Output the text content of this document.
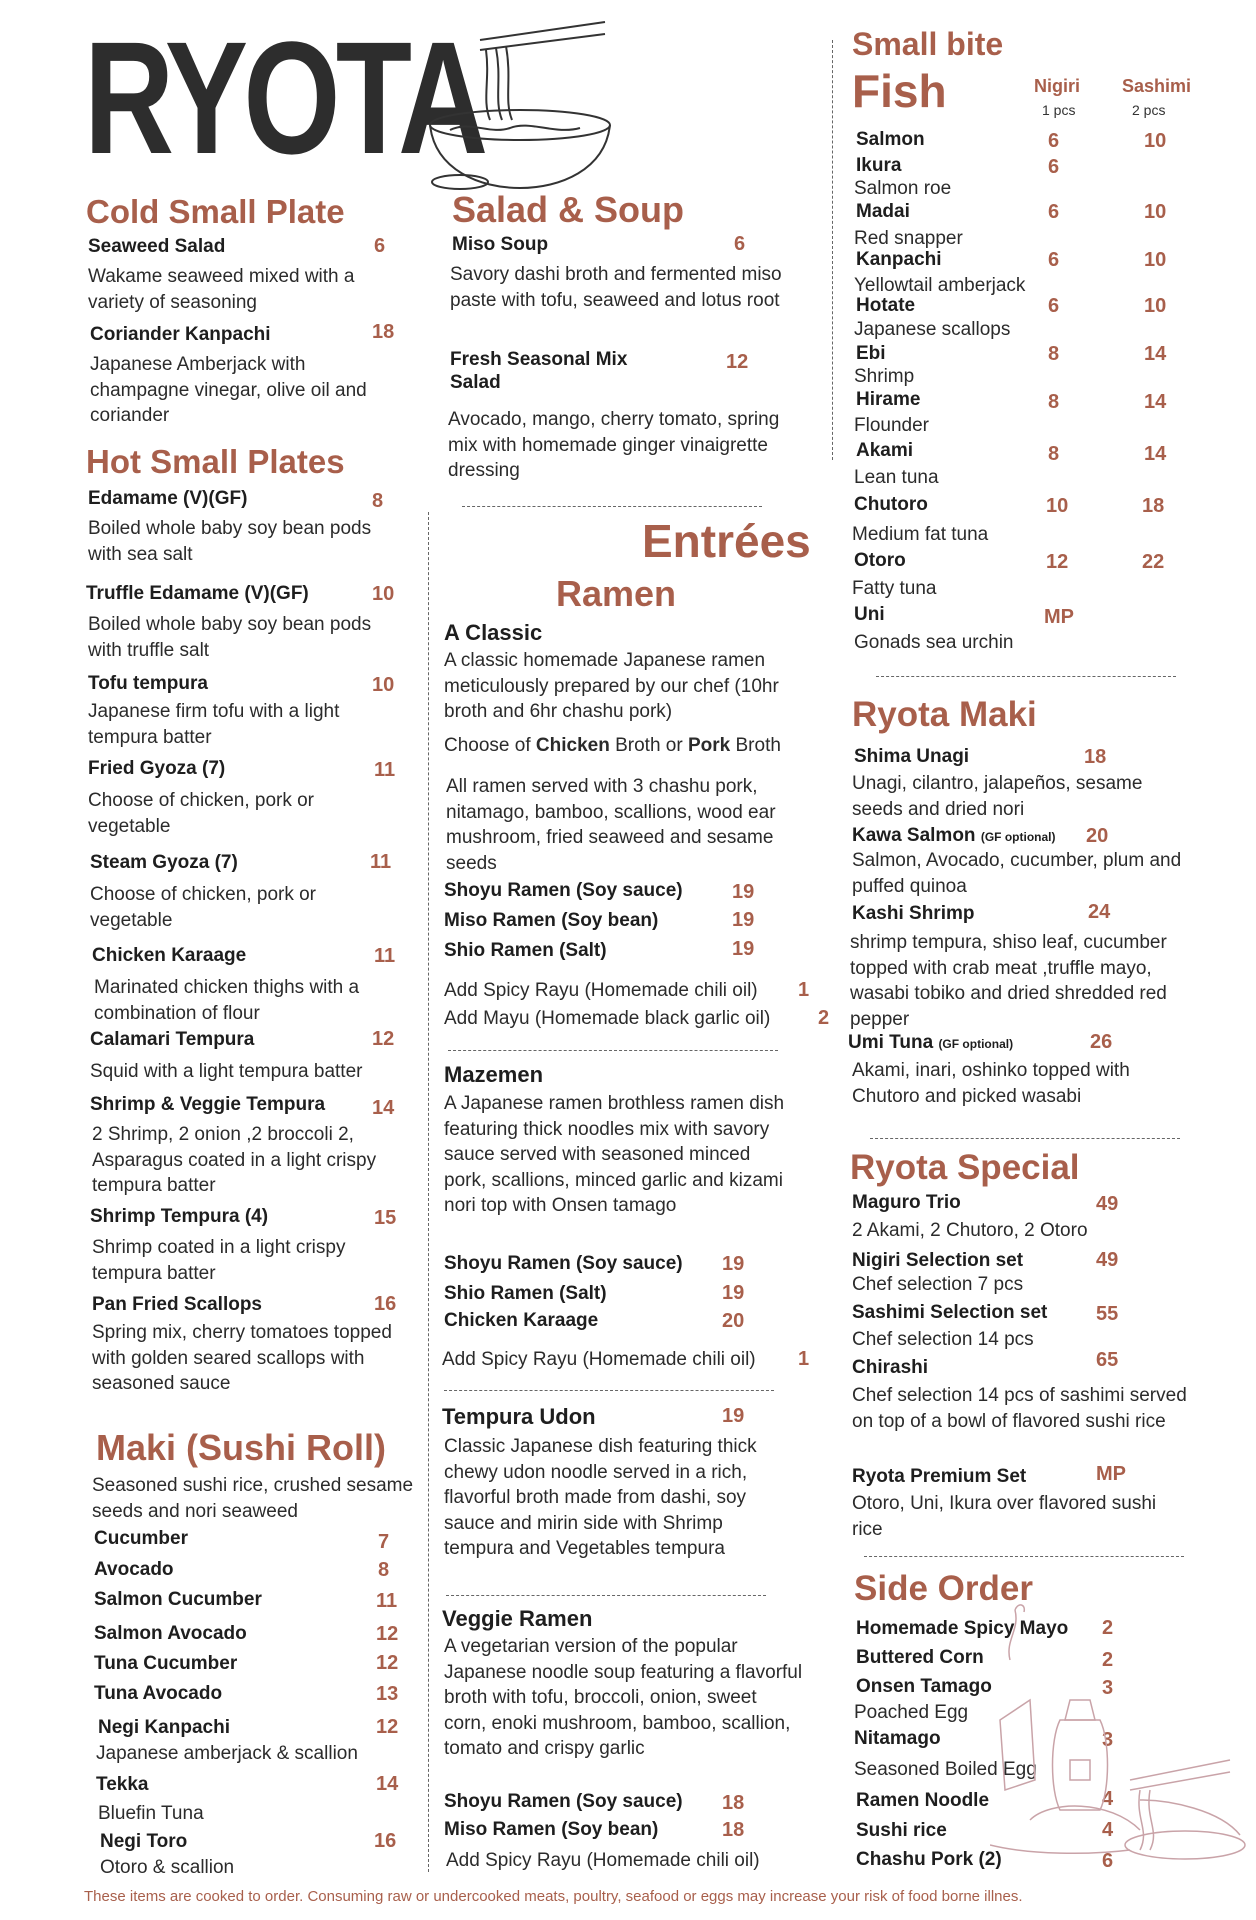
RYOTA
Cold Small Plate
Seaweed Salad	6
Wakame seaweed mixed with a variety of seasoning
Coriander Kanpachi	18
Japanese Amberjack with champagne vinegar, olive oil and coriander
Hot Small Plates
Edamame (V)(GF)	8
Boiled whole baby soy bean pods with sea salt
Truffle Edamame (V)(GF)	10
Boiled whole baby soy bean pods with truffle salt
Tofu tempura	10
Japanese firm tofu with a light tempura batter
Fried Gyoza (7)	11
Choose of chicken, pork or vegetable
Steam Gyoza (7)	11
Choose of chicken, pork or vegetable
Chicken Karaage	11
Marinated chicken thighs with a combination of flour
Calamari Tempura	12
Squid with a light tempura batter
Shrimp & Veggie Tempura 14
2 Shrimp, 2 onion ,2 broccoli 2, Asparagus coated in a light crispy tempura batter
Shrimp Tempura (4)	15
Shrimp coated in a light crispy tempura batter
Pan Fried Scallops	16
Spring mix, cherry tomatoes topped with golden seared scallops with seasoned sauce
Maki (Sushi Roll)
Seasoned sushi rice, crushed sesame seeds and nori seaweed
Cucumber	7
Avocado	8
Salmon Cucumber	11
Salmon Avocado	12
Tuna Cucumber	12
Tuna Avocado	13
Negi Kanpachi	12
Japanese amberjack & scallion
Tekka	14
Bluefin Tuna
Negi Toro	16
Otoro & scallion
Salad & Soup
Miso Soup	6
Savory dashi broth and fermented miso paste with tofu, seaweed and lotus root
Fresh Seasonal Mix Salad
12
Avocado, mango, cherry tomato, spring mix with homemade ginger vinaigrette dressing
Entrées
Ramen
A Classic
A classic homemade Japanese ramen meticulously prepared by our chef (10hr broth and 6hr chashu pork)
Choose of Chicken Broth or Pork Broth
All ramen served with 3 chashu pork, nitamago, bamboo, scallions, wood ear mushroom, fried seaweed and sesame seeds
Shoyu Ramen (Soy sauce) 19
Miso Ramen (Soy bean)	19
Shio Ramen (Salt)	19
Add Spicy Rayu (Homemade chili oil) 1
Add Mayu (Homemade black garlic oil) 2
Mazemen
A Japanese ramen brothless ramen dish featuring thick noodles mix with savory sauce served with seasoned minced pork, scallions, minced garlic and kizami nori top with Onsen tamago
Shoyu Ramen (Soy sauce) 19
Shio Ramen (Salt)	19
Chicken Karaage	20
Add Spicy Rayu (Homemade chili oil) 1
Tempura Udon	19
Classic Japanese dish featuring thick chewy udon noodle served in a rich, flavorful broth made from dashi, soy sauce and mirin side with Shrimp tempura and Vegetables tempura
Veggie Ramen
A vegetarian version of the popular Japanese noodle soup featuring a flavorful broth with tofu, broccoli, onion, sweet corn, enoki mushroom, bamboo, scallion, tomato and crispy garlic
Shoyu Ramen (Soy sauce) 18
Miso Ramen (Soy bean)	18
Add Spicy Rayu (Homemade chili oil)
Small bite
Fish	Nigiri
1 pcs
Sashimi
2 pcs
Salmon	6	10
Ikura	6
Salmon roe
Madai	6	10
Red snapper
Kanpachi	6	10
Yellowtail amberjack
Hotate	6	10
Japanese scallops
Ebi	8	14
Shrimp
Hirame	8	14
Flounder
Akami	8	14
Lean tuna
Chutoro	10	18
Medium fat tuna
Otoro	12	22
Fatty tuna
Uni	MP
Gonads sea urchin
Ryota Maki
Shima Unagi	18
Unagi, cilantro, jalapeños, sesame seeds and dried nori
Kawa Salmon (GF optional) 20
Salmon, Avocado, cucumber, plum and puffed quinoa
Kashi Shrimp	24
shrimp tempura, shiso leaf, cucumber topped with crab meat ,truffle mayo, wasabi tobiko and dried shredded red pepper
Umi Tuna (GF optional)	26
Akami, inari, oshinko topped with Chutoro and picked wasabi
Ryota Special
Maguro Trio	49
2 Akami, 2 Chutoro, 2 Otoro
Nigiri Selection set	49
Chef selection 7 pcs
Sashimi Selection set 55
Chef selection 14 pcs
Chirashi	65
Chef selection 14 pcs of sashimi served on top of a bowl of flavored sushi rice
Ryota Premium Set	MP
Otoro, Uni, Ikura over flavored sushi rice
Side Order
Homemade Spicy Mayo 2
Buttered Corn	2
Onsen Tamago	3
Poached Egg
Nitamago	3
Seasoned Boiled Egg
Ramen Noodle	4
Sushi rice	4
Chashu Pork (2)	6
These items are cooked to order. Consuming raw or undercooked meats, poultry, seafood or eggs may increase your risk of food borne illnes.
